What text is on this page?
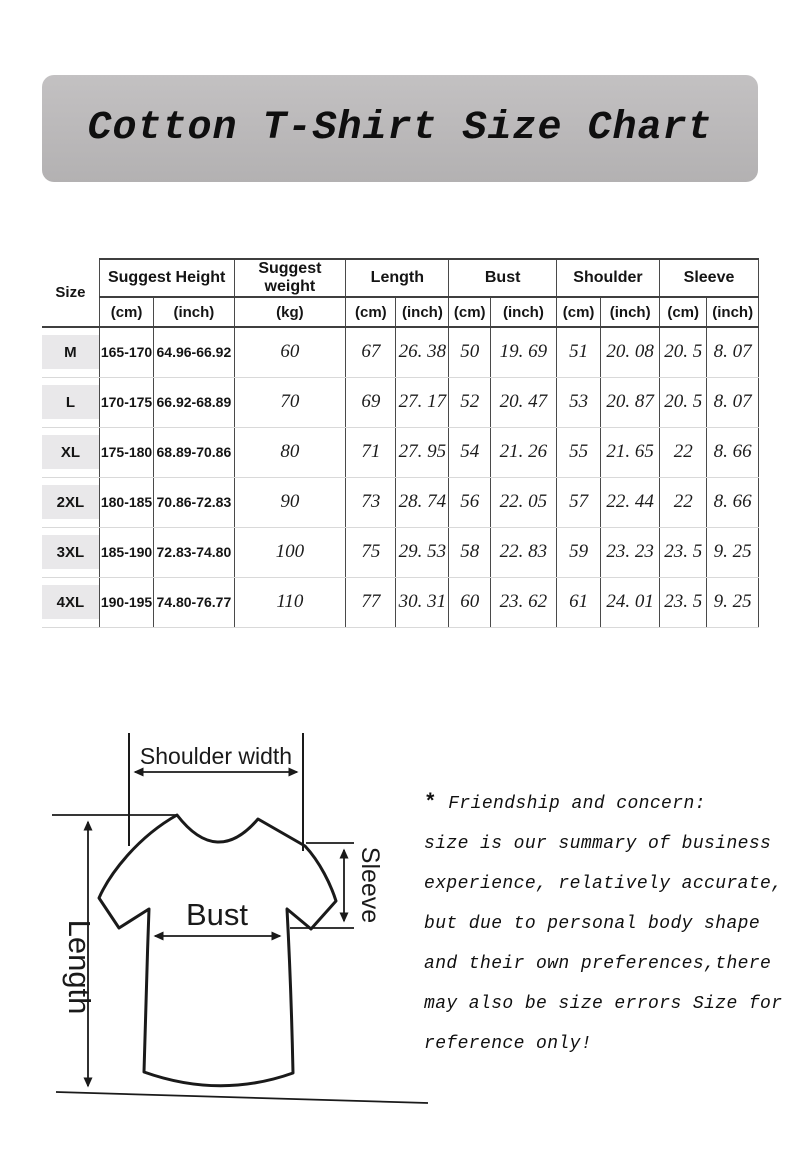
Cotton T-Shirt Size Chart
Size	Suggest Height		Suggest weight	Length		Bust		Shoulder		Sleeve	
	(cm)	(inch)	(kg)	(cm)	(inch)	(cm)	(inch)	(cm)	(inch)	(cm)	(inch)

M	165-170	64.96-66.92	60	67	26. 38	50	19. 69	51	20. 08	20. 5	8. 07

L	170-175	66.92-68.89	70	69	27. 17	52	20. 47	53	20. 87	20. 5	8. 07

XL	175-180	68.89-70.86	80	71	27. 95	54	21. 26	55	21. 65	22	8. 66

2XL	180-185	70.86-72.83	90	73	28. 74	56	22. 05	57	22. 44	22	8. 66

3XL	185-190	72.83-74.80	100	75	29. 53	58	22. 83	59	23. 23	23. 5	9. 25

4XL	190-195	74.80-76.77	110	77	30. 31	60	23. 62	61	24. 01	23. 5	9. 25
Shoulder width
Length
Bust	Sleeve
* Friendship and concern:
size is our summary of business
experience, relatively accurate,
but due to personal body shape
and their own preferences,there
may also be size errors Size for
reference only!
